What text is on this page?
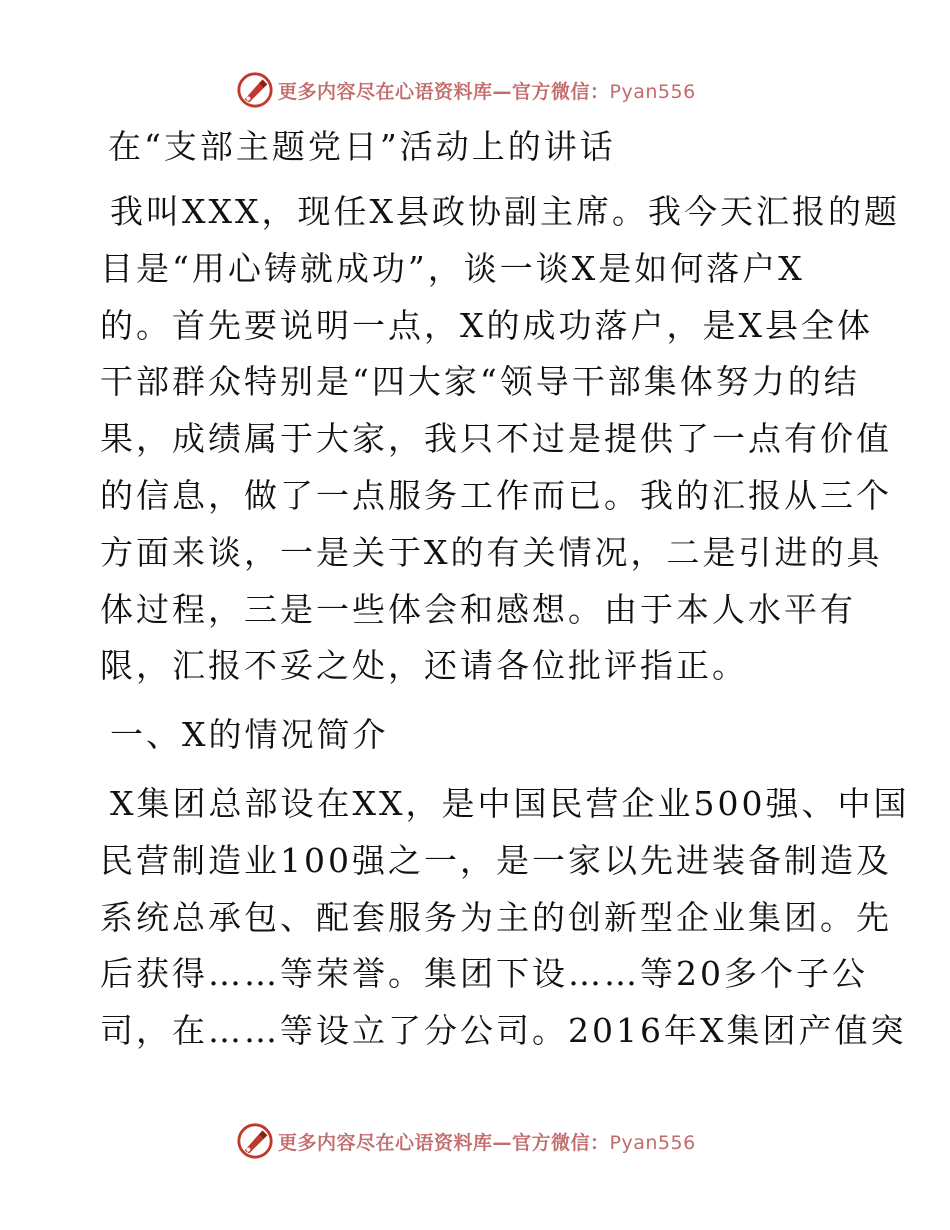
更多内容尽在心语资料库—官方微信：Pyan556

在“支部主题党日”活动上的讲话

我叫XXX，现任X县政协副主席。我今天汇报的题

目是“用心铸就成功”，谈一谈X是如何落户X
的。首先要说明一点，X的成功落户，是X县全体
干部群众特别是“四大家“领导干部集体努力的结
果，成绩属于大家，我只不过是提供了一点有价值
的信息，做了一点服务工作而已。我的汇报从三个
方面来谈，一是关于X的有关情况，二是引进的具
体过程，三是一些体会和感想。由于本人水平有
限，汇报不妥之处，还请各位批评指正。

一、X的情况简介

X集团总部设在XX，是中国民营企业500强、中国

民营制造业100强之一，是一家以先进装备制造及
系统总承包、配套服务为主的创新型企业集团。先
后获得……等荣誉。集团下设……等20多个子公
司，在……等设立了分公司。2016年X集团产值突

更多内容尽在心语资料库—官方微信：Pyan556
